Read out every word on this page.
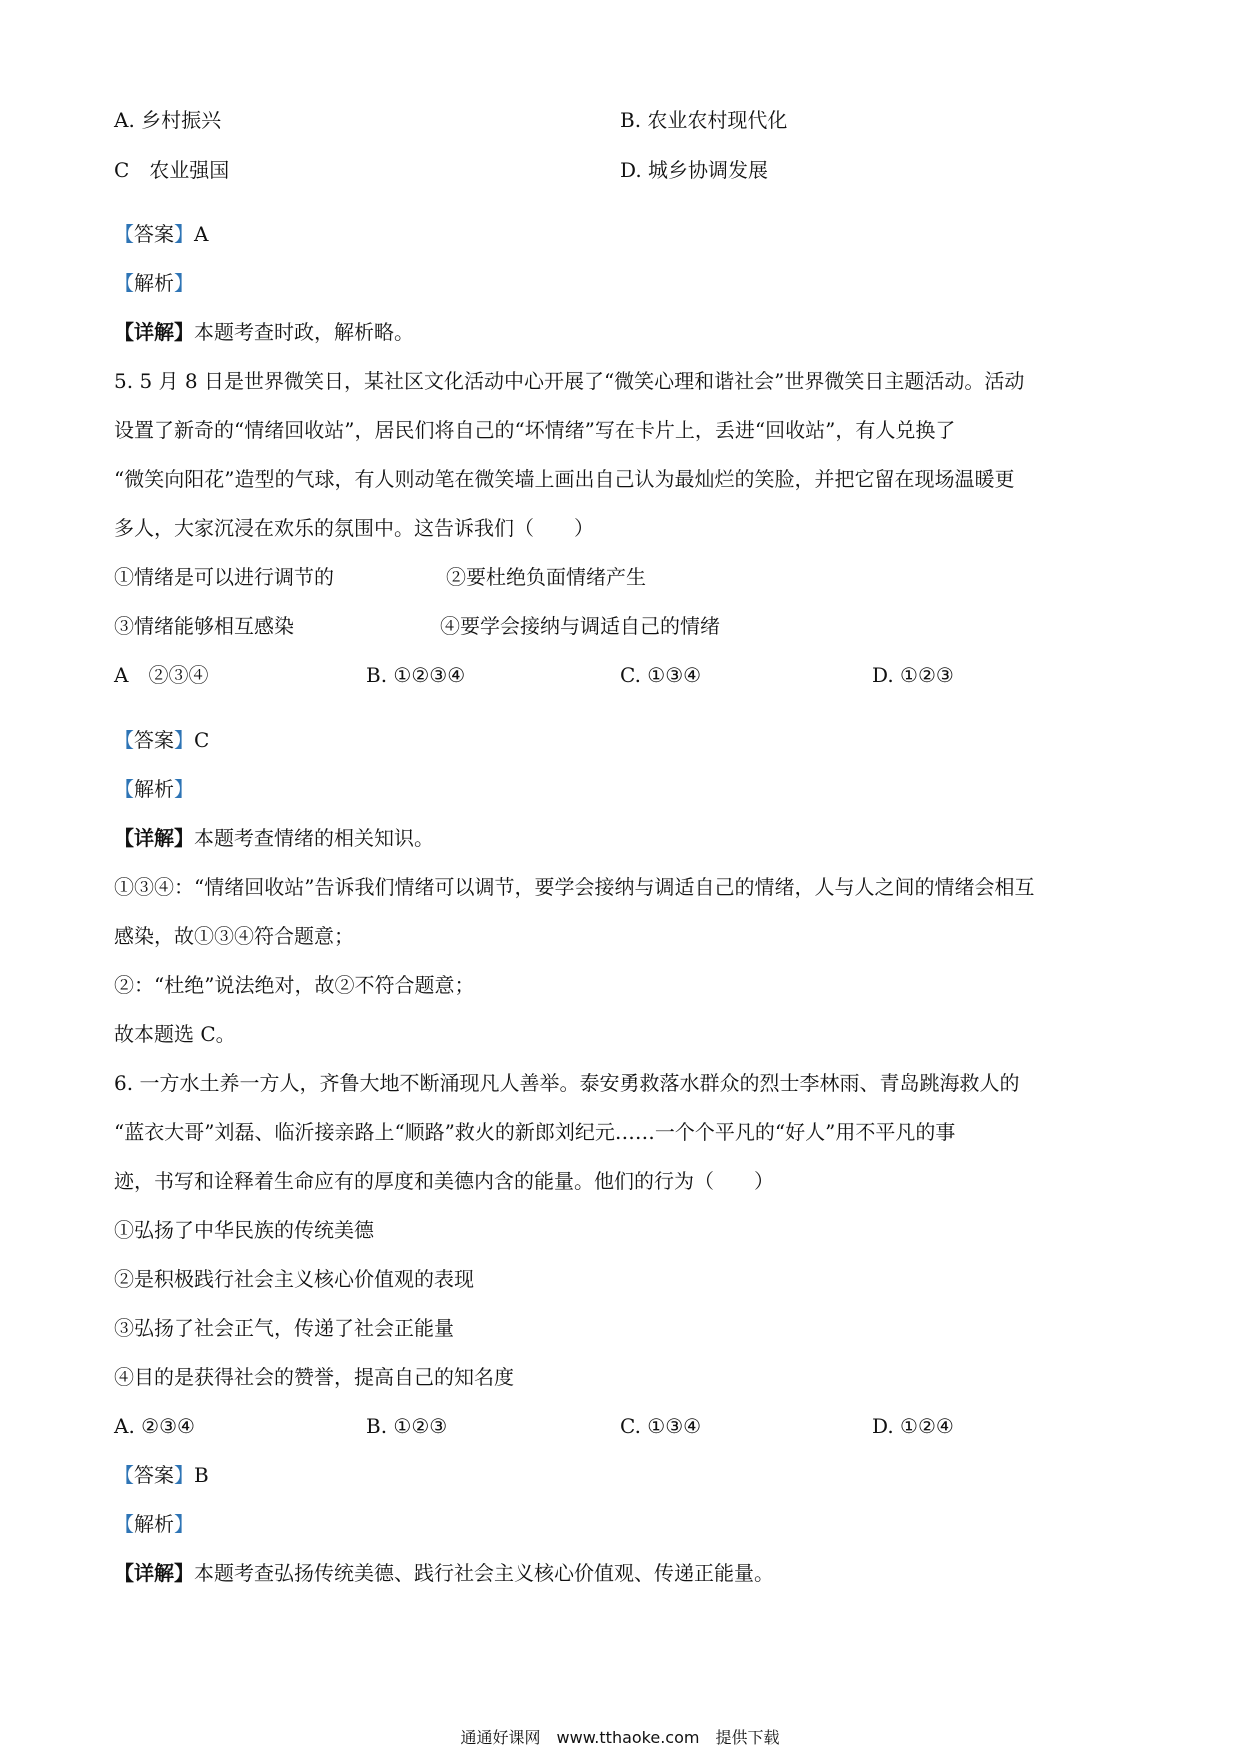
A. 乡村振兴	B. 农业农村现代化
C　农业强国	D. 城乡协调发展
【答案】A
【解析】
【详解】本题考查时政，解析略。
5. 5 月 8 日是世界微笑日，某社区文化活动中心开展了“微笑心理和谐社会”世界微笑日主题活动。活动
设置了新奇的“情绪回收站”，居民们将自己的“坏情绪”写在卡片上，丢进“回收站”，有人兑换了
“微笑向阳花”造型的气球，有人则动笔在微笑墙上画出自己认为最灿烂的笑脸，并把它留在现场温暖更
多人，大家沉浸在欢乐的氛围中。这告诉我们（　　）
①情绪是可以进行调节的	②要杜绝负面情绪产生
③情绪能够相互感染	④要学会接纳与调适自己的情绪
A　②③④	B. ①②③④	C. ①③④	D. ①②③
【答案】C
【解析】
【详解】本题考查情绪的相关知识。
①③④：“情绪回收站”告诉我们情绪可以调节，要学会接纳与调适自己的情绪，人与人之间的情绪会相互
感染，故①③④符合题意；
②：“杜绝”说法绝对，故②不符合题意；
故本题选 C。
6. 一方水土养一方人，齐鲁大地不断涌现凡人善举。泰安勇救落水群众的烈士李林雨、青岛跳海救人的
“蓝衣大哥”刘磊、临沂接亲路上“顺路”救火的新郎刘纪元……一个个平凡的“好人”用不平凡的事
迹，书写和诠释着生命应有的厚度和美德内含的能量。他们的行为（　　）
①弘扬了中华民族的传统美德
②是积极践行社会主义核心价值观的表现
③弘扬了社会正气，传递了社会正能量
④目的是获得社会的赞誉，提高自己的知名度
A. ②③④	B. ①②③	C. ①③④	D. ①②④
【答案】B
【解析】
【详解】本题考查弘扬传统美德、践行社会主义核心价值观、传递正能量。
通通好课网　www.tthaoke.com　提供下载
